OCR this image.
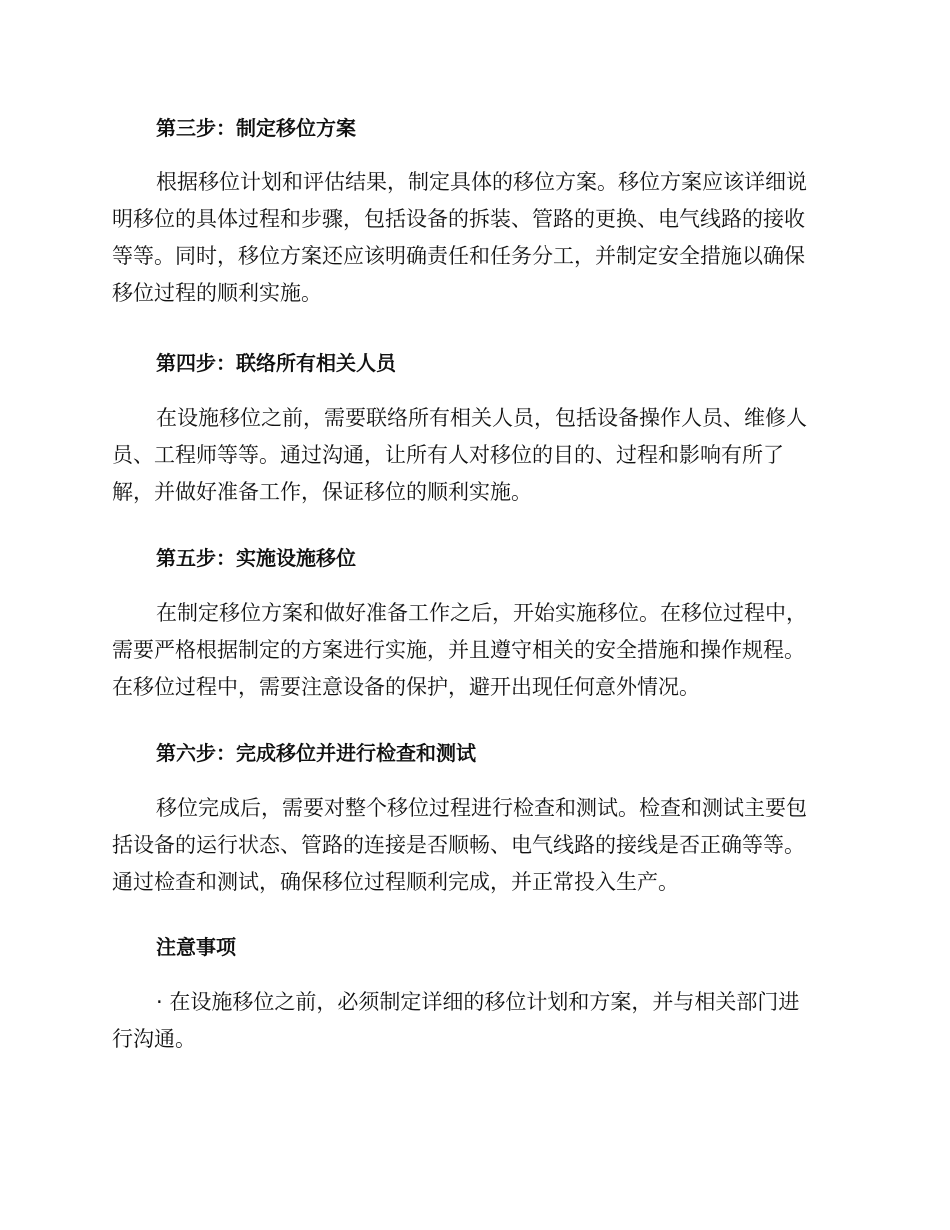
第三步：制定移位方案
根据移位计划和评估结果，制定具体的移位方案。移位方案应该详细说
明移位的具体过程和步骤，包括设备的拆装、管路的更换、电气线路的接收
等等。同时，移位方案还应该明确责任和任务分工，并制定安全措施以确保
移位过程的顺利实施。
第四步：联络所有相关人员
在设施移位之前，需要联络所有相关人员，包括设备操作人员、维修人
员、工程师等等。通过沟通，让所有人对移位的目的、过程和影响有所了
解，并做好准备工作，保证移位的顺利实施。
第五步：实施设施移位
在制定移位方案和做好准备工作之后，开始实施移位。在移位过程中，
需要严格根据制定的方案进行实施，并且遵守相关的安全措施和操作规程。
在移位过程中，需要注意设备的保护，避开出现任何意外情况。
第六步：完成移位并进行检查和测试
移位完成后，需要对整个移位过程进行检查和测试。检查和测试主要包
括设备的运行状态、管路的连接是否顺畅、电气线路的接线是否正确等等。
通过检查和测试，确保移位过程顺利完成，并正常投入生产。
注意事项
· 在设施移位之前，必须制定详细的移位计划和方案，并与相关部门进
行沟通。
